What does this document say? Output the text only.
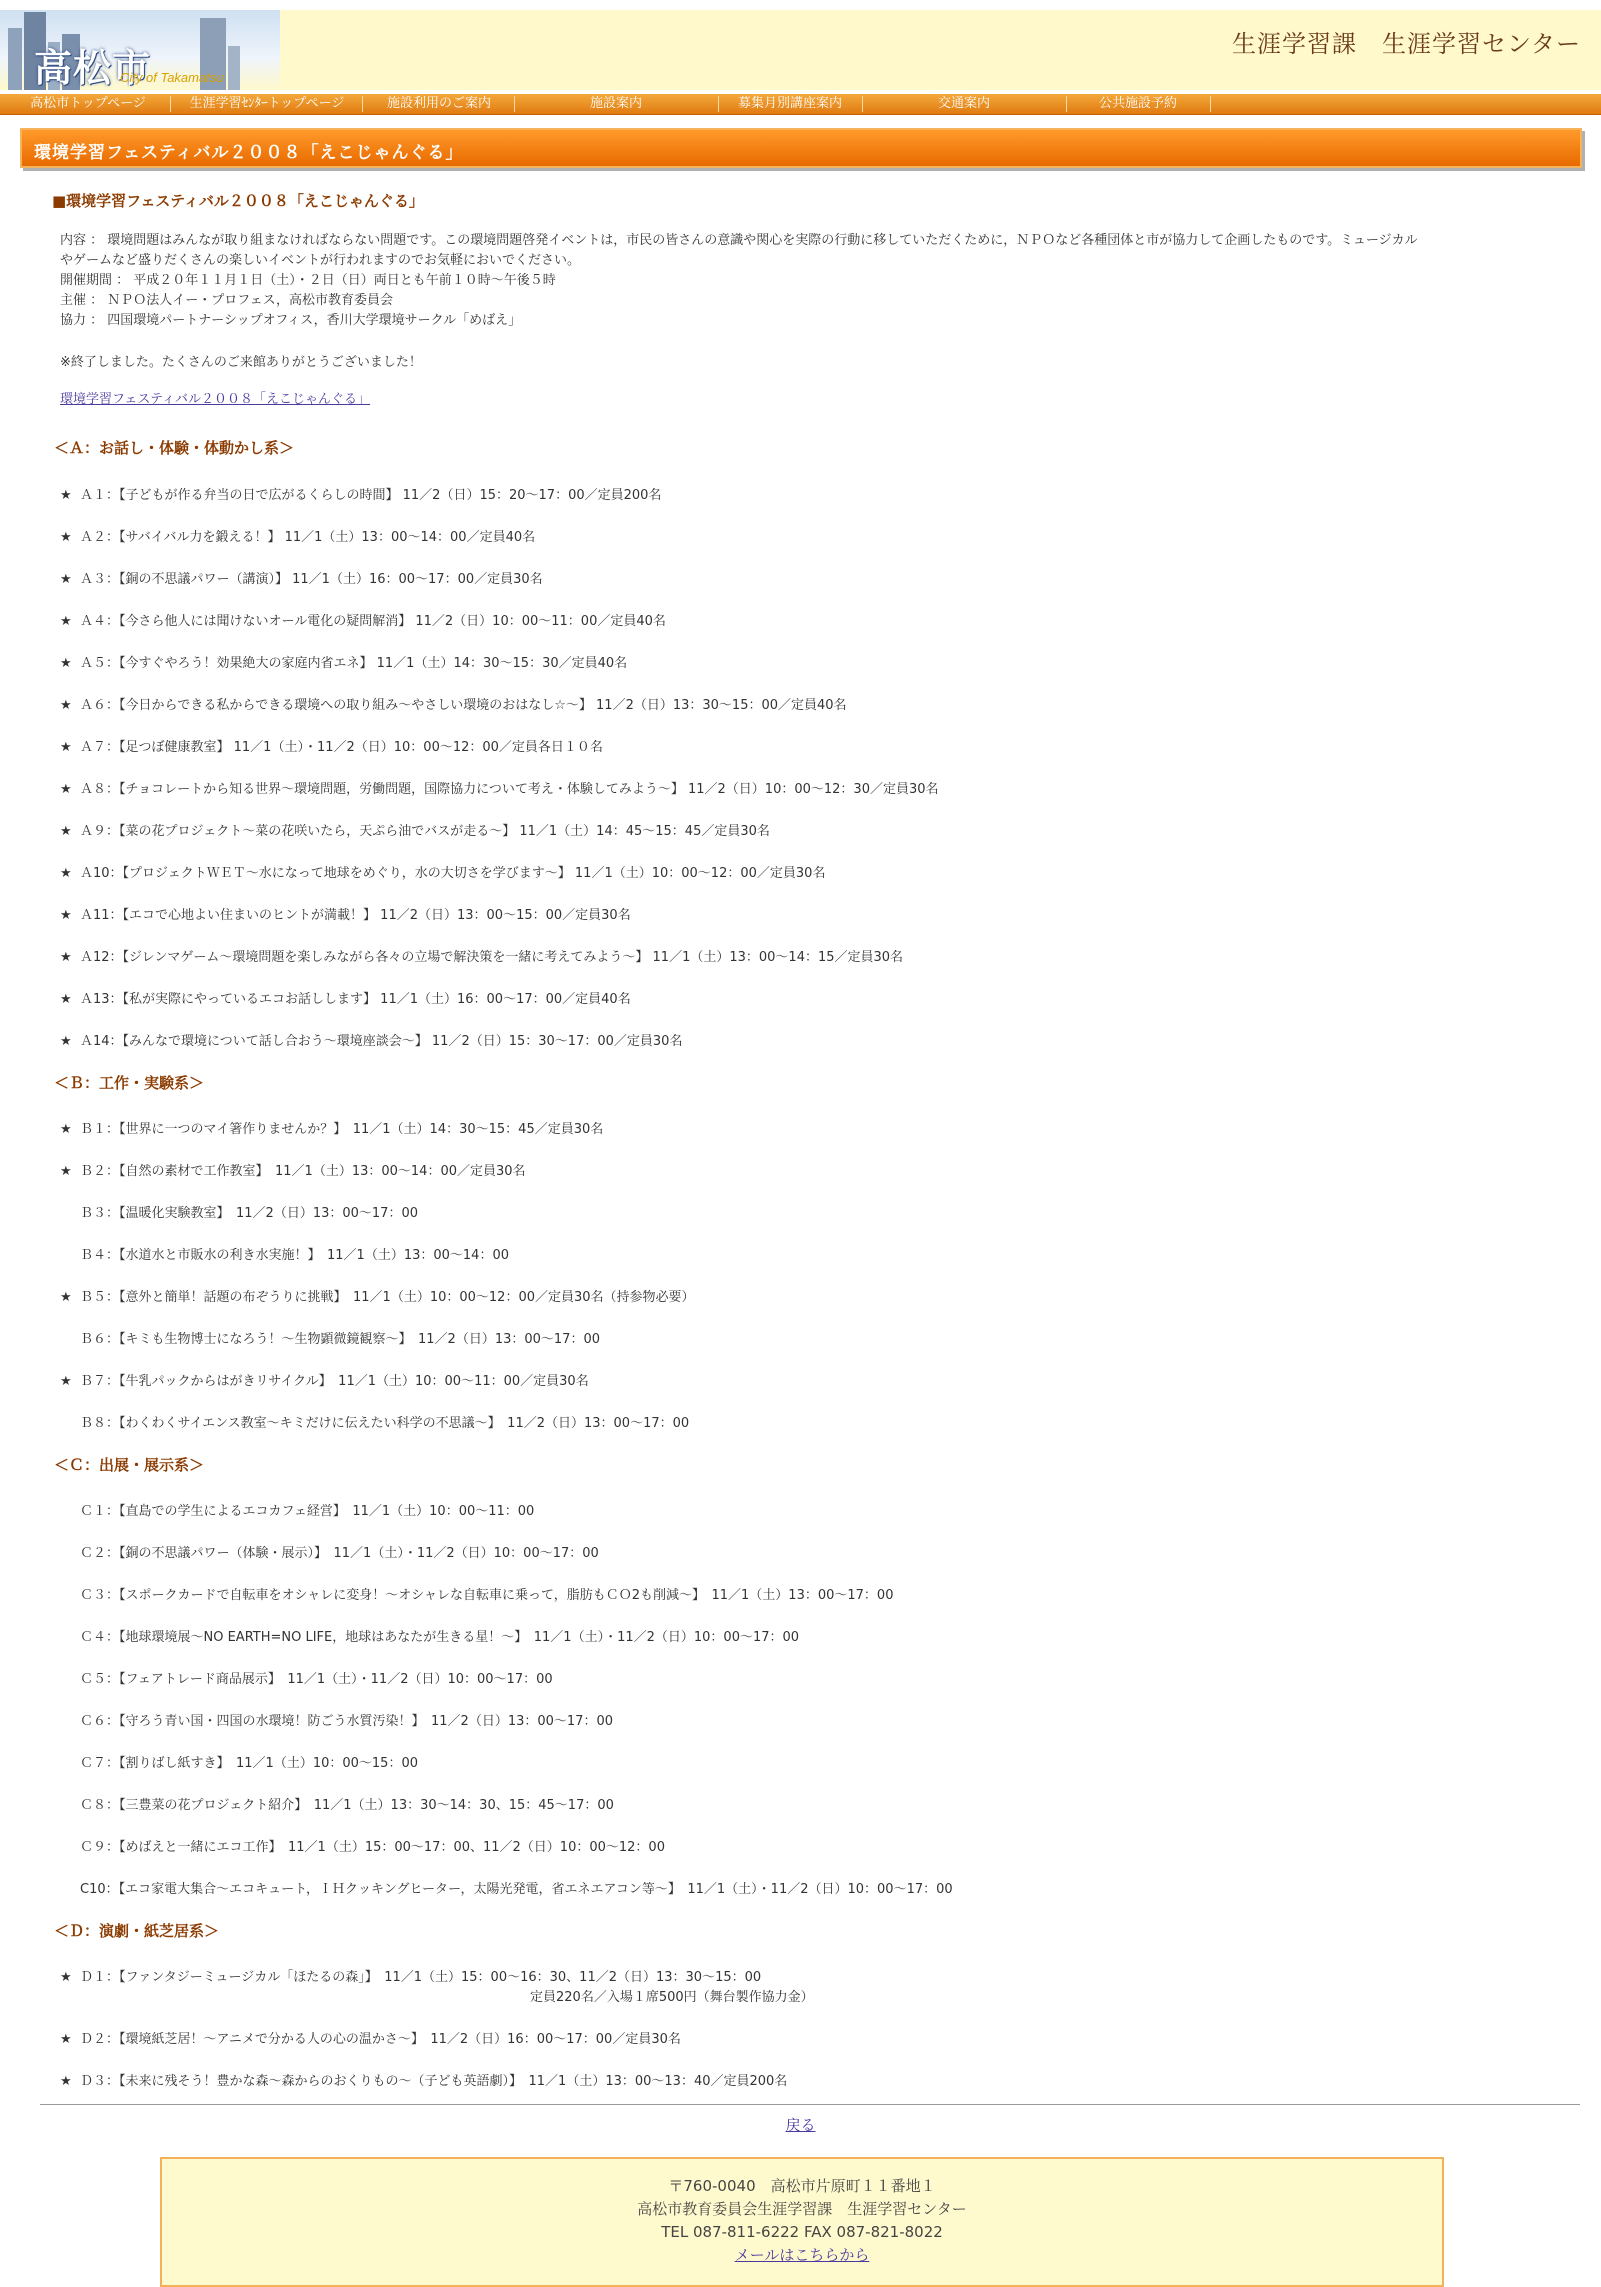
高松市
City of Takamatsu
生涯学習課　生涯学習センター
高松市トップページ	生涯学習ｾﾝﾀｰトップページ	施設利用のご案内	施設案内	募集月別講座案内	交通案内	公共施設予約
環境学習フェスティバル２００８「えこじゃんぐる」

■環境学習フェスティバル２００８「えこじゃんぐる」

内容 ： 環境問題はみんなが取り組まなければならない問題です。この環境問題啓発イベントは，市民の皆さんの意識や関心を実際の行動に移していただくために，ＮＰＯなど各種団体と市が協力して企画したものです。ミュージカル

やゲームなど盛りだくさんの楽しいイベントが行われますのでお気軽においでください。

開催期間 ： 平成２０年１１月１日（土）・２日（日）両日とも午前１０時～午後５時

主催 ： ＮＰＯ法人イー・プロフェス，高松市教育委員会

協力 ： 四国環境パートナーシップオフィス，香川大学環境サークル「めばえ」

※終了しました。たくさんのご来館ありがとうございました！
環境学習フェスティバル２００８「えこじゃんぐる」
＜Ａ：お話し・体験・体動かし系＞
★ Ａ１：【子どもが作る弁当の日で広がるくらしの時間】 11／2（日）15：20～17：00／定員200名
★ Ａ２：【サバイバル力を鍛える！】 11／1（土）13：00～14：00／定員40名
★ Ａ３：【銅の不思議パワー（講演）】 11／1（土）16：00～17：00／定員30名
★ Ａ４：【今さら他人には聞けないオール電化の疑問解消】 11／2（日）10：00～11：00／定員40名
★ Ａ５：【今すぐやろう！効果絶大の家庭内省エネ】 11／1（土）14：30～15：30／定員40名
★ Ａ６：【今日からできる私からできる環境への取り組み～やさしい環境のおはなし☆～】 11／2（日）13：30～15：00／定員40名
★ Ａ７：【足つぼ健康教室】 11／1（土）・11／2（日）10：00～12：00／定員各日１０名
★ Ａ８：【チョコレートから知る世界～環境問題，労働問題，国際協力について考え・体験してみよう～】 11／2（日）10：00～12：30／定員30名
★ Ａ９：【菜の花プロジェクト～菜の花咲いたら，天ぷら油でバスが走る～】 11／1（土）14：45～15：45／定員30名
★ Ａ10：【プロジェクトＷＥＴ～水になって地球をめぐり，水の大切さを学びます～】 11／1（土）10：00～12：00／定員30名
★ Ａ11：【エコで心地よい住まいのヒントが満載！】 11／2（日）13：00～15：00／定員30名
★ Ａ12：【ジレンマゲーム～環境問題を楽しみながら各々の立場で解決策を一緒に考えてみよう～】 11／1（土）13：00～14：15／定員30名
★ Ａ13：【私が実際にやっているエコお話しします】 11／1（土）16：00～17：00／定員40名
★ Ａ14：【みんなで環境について話し合おう～環境座談会～】 11／2（日）15：30～17：00／定員30名
＜Ｂ：工作・実験系＞
★ Ｂ１：【世界に一つのマイ箸作りませんか？】　11／1（土）14：30～15：45／定員30名
★ Ｂ２：【自然の素材で工作教室】　11／1（土）13：00～14：00／定員30名
Ｂ３：【温暖化実験教室】　11／2（日）13：00～17：00
Ｂ４：【水道水と市販水の利き水実施！】　11／1（土）13：00～14：00
★ Ｂ５：【意外と簡単！話題の布ぞうりに挑戦】　11／1（土）10：00～12：00／定員30名（持参物必要）
Ｂ６：【キミも生物博士になろう！～生物顕微鏡観察～】　11／2（日）13：00～17：00
★ Ｂ７：【牛乳パックからはがきリサイクル】　11／1（土）10：00～11：00／定員30名
Ｂ８：【わくわくサイエンス教室～キミだけに伝えたい科学の不思議～】　11／2（日）13：00～17：00
＜Ｃ：出展・展示系＞
Ｃ１：【直島での学生によるエコカフェ経営】　11／1（土）10：00～11：00
Ｃ２：【銅の不思議パワー（体験・展示）】　11／1（土）・11／2（日）10：00～17：00
Ｃ３：【スポークカードで自転車をオシャレに変身！～オシャレな自転車に乗って，脂肪もＣＯ2も削減～】　11／1（土）13：00～17：00
Ｃ４：【地球環境展～NO EARTH=NO LIFE，地球はあなたが生きる星！～】　11／1（土）・11／2（日）10：00～17：00
Ｃ５：【フェアトレード商品展示】　11／1（土）・11／2（日）10：00～17：00
Ｃ６：【守ろう青い国・四国の水環境！防ごう水質汚染！】　11／2（日）13：00～17：00
Ｃ７：【割りばし紙すき】　11／1（土）10：00～15：00
Ｃ８：【三豊菜の花プロジェクト紹介】　11／1（土）13：30～14：30、15：45～17：00
Ｃ９：【めばえと一緒にエコ工作】　11／1（土）15：00～17：00、11／2（日）10：00～12：00
C10：【エコ家電大集合～エコキュート，ＩＨクッキングヒーター，太陽光発電，省エネエアコン等～】　11／1（土）・11／2（日）10：00～17：00
＜Ｄ：演劇・紙芝居系＞
★ Ｄ１：【ファンタジーミュージカル「ほたるの森」】　11／1（土）15：00～16：30、11／2（日）13：30～15：00
定員220名／入場１席500円（舞台製作協力金）
★ Ｄ２：【環境紙芝居！～アニメで分かる人の心の温かさ～】　11／2（日）16：00～17：00／定員30名
★ Ｄ３：【未来に残そう！豊かな森～森からのおくりもの～（子ども英語劇）】　11／1（土）13：00～13：40／定員200名
戻る
〒760-0040　高松市片原町１１番地１
高松市教育委員会生涯学習課　生涯学習センター
TEL 087-811-6222 FAX 087-821-8022
メールはこちらから
